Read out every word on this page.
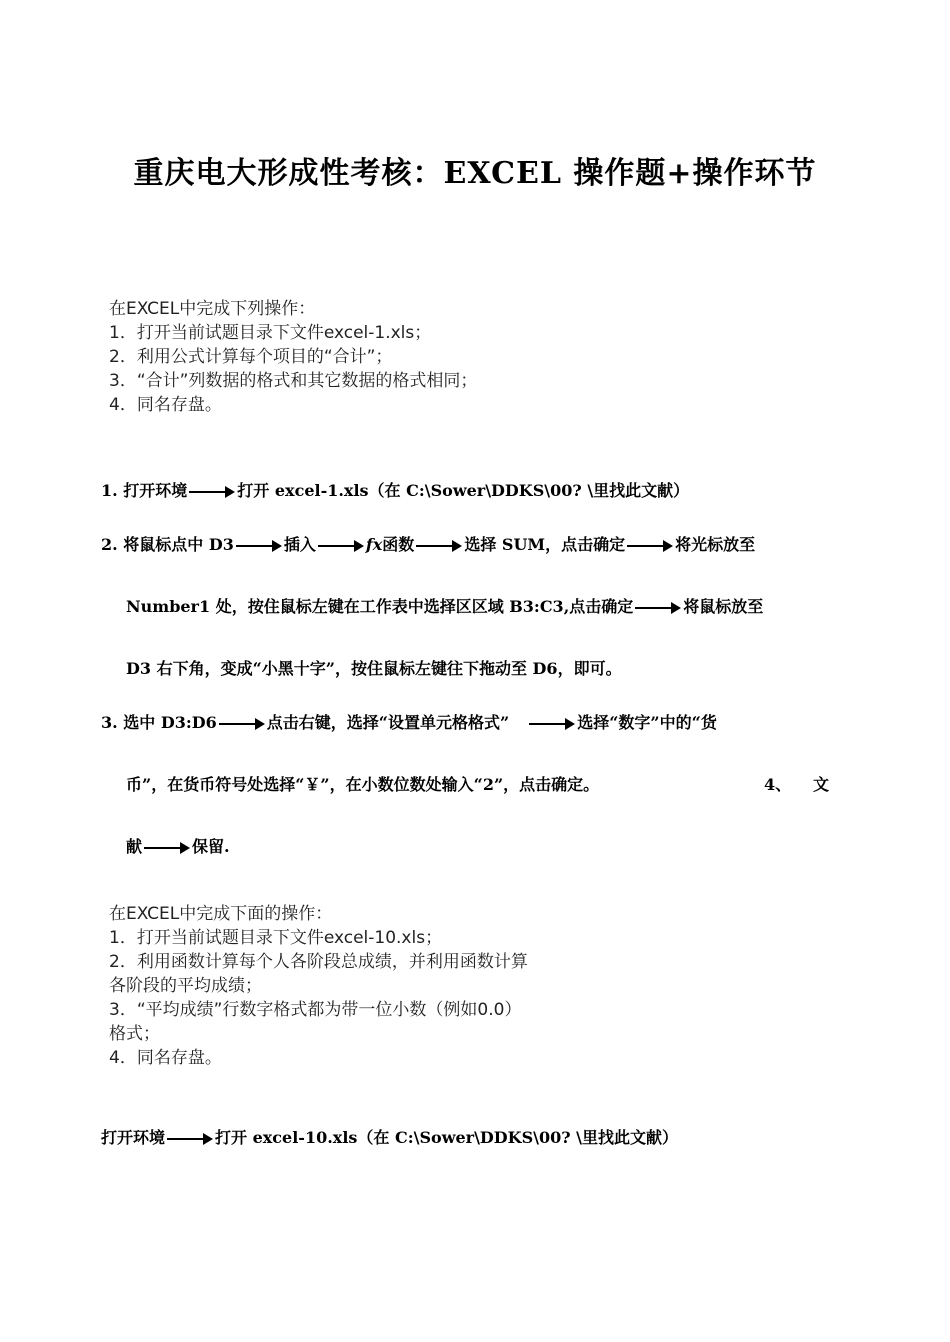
重庆电大形成性考核：EXCEL 操作题+操作环节
在EXCEL中完成下列操作：
1．打开当前试题目录下文件excel-1.xls；
2．利用公式计算每个项目的“合计”；
3．“合计”列数据的格式和其它数据的格式相同；
4．同名存盘。
1. 打开环境	打开 excel-1.xls（在 C:\Sower\DDKS\00? \里找此文献）
2. 将鼠标点中 D3	插入	fx函数	选择 SUM，点击确定	将光标放至
Number1 处，按住鼠标左键在工作表中选择区区域 B3:C3,点击确定	将鼠标放至
D3 右下角，变成“小黑十字”，按住鼠标左键往下拖动至 D6，即可。
3. 选中 D3:D6	点击右键，选择“设置单元格格式”	选择“数字”中的“货
币”，在货币符号处选择“￥”，在小数位数处输入“2”，点击确定。	4、 文
献	保留.
在EXCEL中完成下面的操作：
1．打开当前试题目录下文件excel-10.xls；
2．利用函数计算每个人各阶段总成绩，并利用函数计算
各阶段的平均成绩；
3．“平均成绩”行数字格式都为带一位小数（例如0.0）
格式；
4．同名存盘。
打开环境	打开 excel-10.xls（在 C:\Sower\DDKS\00? \里找此文献）
